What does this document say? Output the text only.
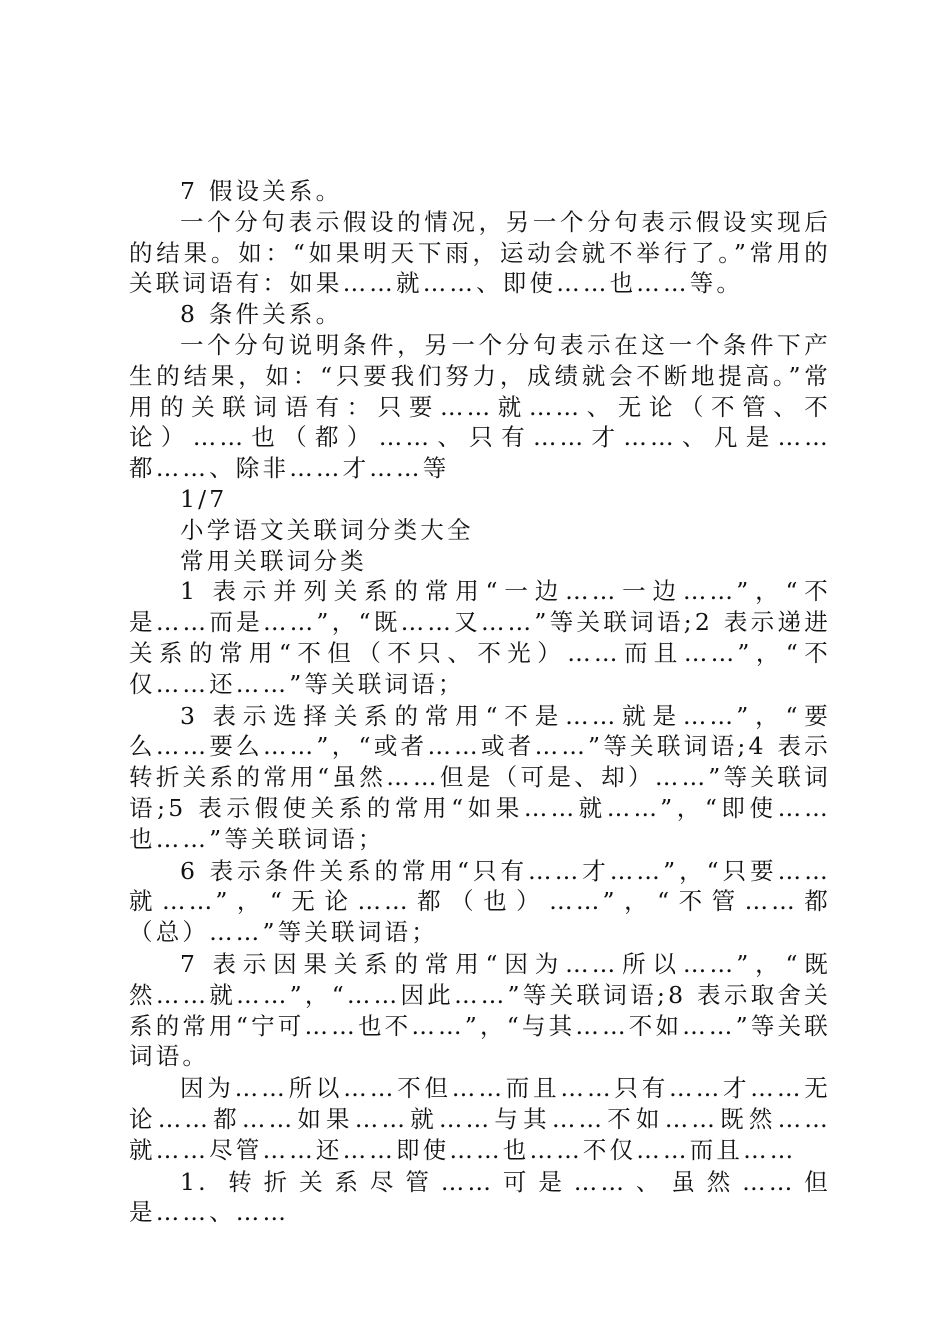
7 假设关系。

一个分句表示假设的情况，另一个分句表示假设实现后的结果。如：“如果明天下雨，运动会就不举行了。”常用的关联词语有：如果……就……、即使……也……等。

8 条件关系。

一个分句说明条件，另一个分句表示在这一个条件下产生的结果，如：“只要我们努力，成绩就会不断地提高。”常用的关联词语有：只要……就……、无论（不管、不论）……也（都）……、只有……才……、凡是……都……、除非……才……等

1/7

小学语文关联词分类大全

常用关联词分类

1 表示并列关系的常用“一边……一边……”，“不是……而是……”，“既……又……”等关联词语;2 表示递进关系的常用“不但（不只、不光）……而且……”，“不仅……还……”等关联词语；

3 表示选择关系的常用“不是……就是……”，“要么……要么……”，“或者……或者……”等关联词语;4 表示转折关系的常用“虽然……但是（可是、却）……”等关联词语;5 表示假使关系的常用“如果……就……”，“即使……也……”等关联词语；

6 表示条件关系的常用“只有……才……”，“只要……就……”，“无论……都（也）……”，“不管……都（总）……”等关联词语；

7 表示因果关系的常用“因为……所以……”，“既然……就……”，“……因此……”等关联词语;8 表示取舍关系的常用“宁可……也不……”，“与其……不如……”等关联词语。

因为……所以……不但……而且……只有……才……无论……都……如果……就……与其……不如……既然……就……尽管……还……即使……也……不仅……而且……

1. 转折关系尽管……可是……、虽然……但是……、……
